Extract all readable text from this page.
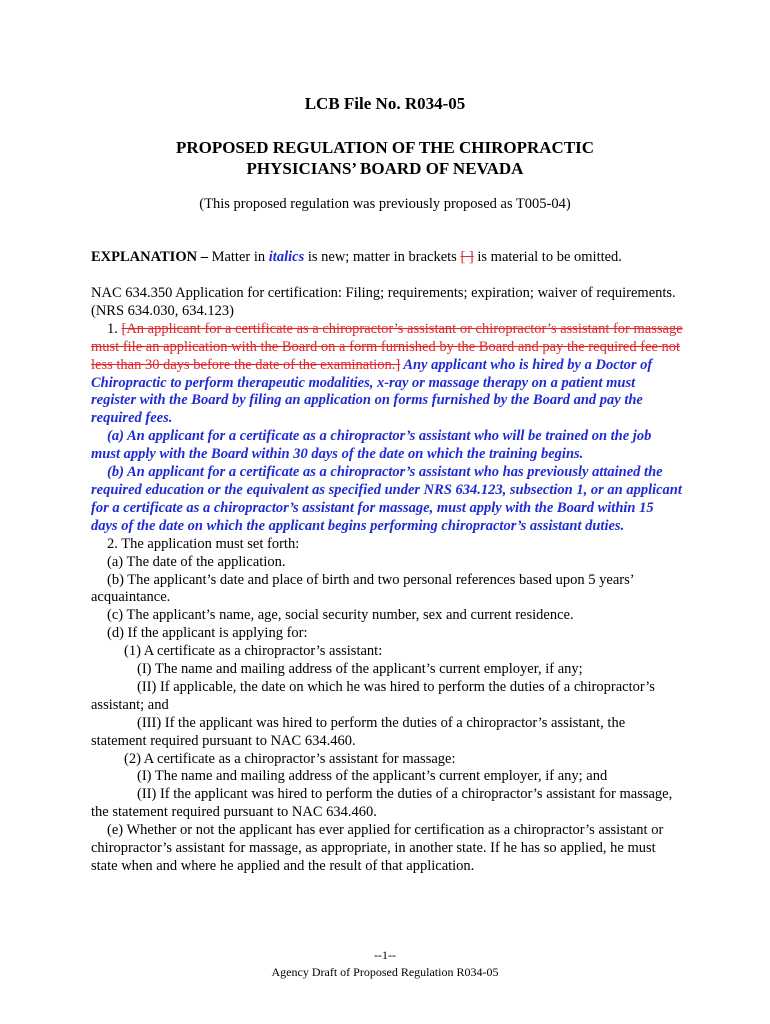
LCB File No. R034-05
PROPOSED REGULATION OF THE CHIROPRACTIC
PHYSICIANS’ BOARD OF NEVADA
(This proposed regulation was previously proposed as T005-04)
EXPLANATION – Matter in italics is new; matter in brackets [ ] is material to be omitted.

NAC 634.350 Application for certification: Filing; requirements; expiration; waiver of requirements. (NRS 634.030, 634.123)

1. [An applicant for a certificate as a chiropractor’s assistant or chiropractor’s assistant for massage must file an application with the Board on a form furnished by the Board and pay the required fee not less than 30 days before the date of the examination.] Any applicant who is hired by a Doctor of Chiropractic to perform therapeutic modalities, x-ray or massage therapy on a patient must register with the Board by filing an application on forms furnished by the Board and pay the required fees.

(a) An applicant for a certificate as a chiropractor’s assistant who will be trained on the job must apply with the Board within 30 days of the date on which the training begins.

(b) An applicant for a certificate as a chiropractor’s assistant who has previously attained the required education or the equivalent as specified under NRS 634.123, subsection 1, or an applicant for a certificate as a chiropractor’s assistant for massage, must apply with the Board within 15 days of the date on which the applicant begins performing chiropractor’s assistant duties.

2. The application must set forth:

(a) The date of the application.

(b) The applicant’s date and place of birth and two personal references based upon 5 years’ acquaintance.

(c) The applicant’s name, age, social security number, sex and current residence.

(d) If the applicant is applying for:

(1) A certificate as a chiropractor’s assistant:

(I) The name and mailing address of the applicant’s current employer, if any;

(II) If applicable, the date on which he was hired to perform the duties of a chiropractor’s assistant; and

(III) If the applicant was hired to perform the duties of a chiropractor’s assistant, the statement required pursuant to NAC 634.460.

(2) A certificate as a chiropractor’s assistant for massage:

(I) The name and mailing address of the applicant’s current employer, if any; and

(II) If the applicant was hired to perform the duties of a chiropractor’s assistant for massage, the statement required pursuant to NAC 634.460.

(e) Whether or not the applicant has ever applied for certification as a chiropractor’s assistant or chiropractor’s assistant for massage, as appropriate, in another state. If he has so applied, he must state when and where he applied and the result of that application.

--1--
Agency Draft of Proposed Regulation R034-05
